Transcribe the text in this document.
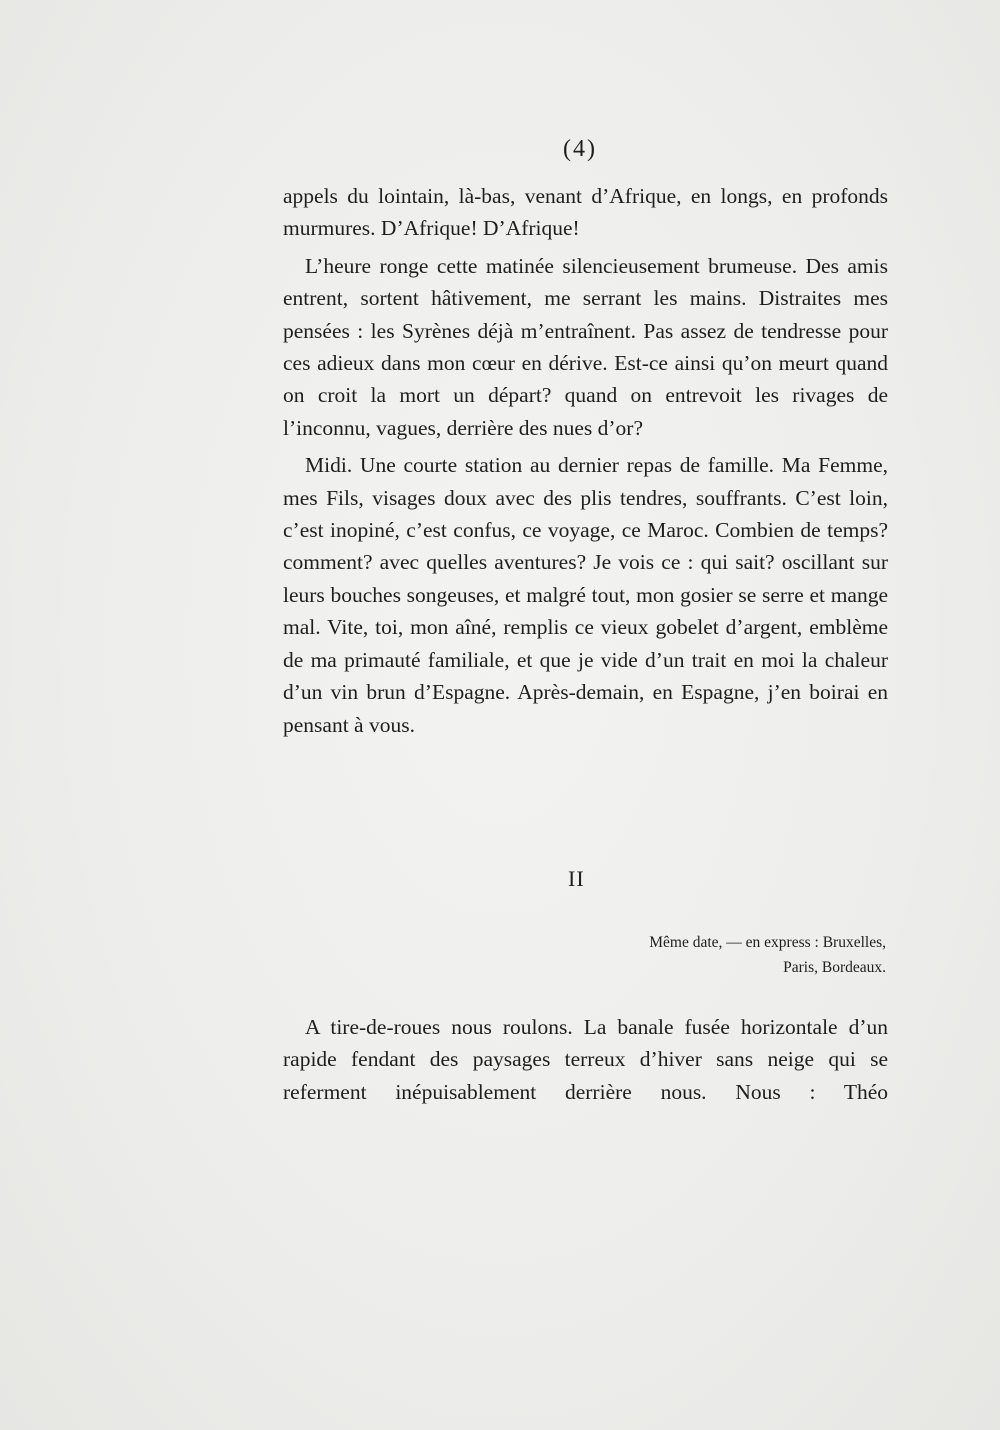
(4)

appels du lointain, là-bas, venant d’Afrique, en longs, en profonds murmures. D’Afrique! D’Afrique!

L’heure ronge cette matinée silencieusement brumeuse. Des amis entrent, sortent hâtivement, me serrant les mains. Distraites mes pensées : les Syrènes déjà m’entraînent. Pas assez de tendresse pour ces adieux dans mon cœur en dérive. Est-ce ainsi qu’on meurt quand on croit la mort un départ? quand on entrevoit les rivages de l’inconnu, vagues, derrière des nues d’or?

Midi. Une courte station au dernier repas de famille. Ma Femme, mes Fils, visages doux avec des plis tendres, souffrants. C’est loin, c’est inopiné, c’est confus, ce voyage, ce Maroc. Combien de temps? comment? avec quelles aventures? Je vois ce : qui sait? oscillant sur leurs bouches songeuses, et malgré tout, mon gosier se serre et mange mal. Vite, toi, mon aîné, remplis ce vieux gobelet d’argent, emblème de ma primauté familiale, et que je vide d’un trait en moi la chaleur d’un vin brun d’Espagne. Après-demain, en Espagne, j’en boirai en pensant à vous.

II
Même date, — en express : Bruxelles,
Paris, Bordeaux.

A tire-de-roues nous roulons. La banale fusée horizontale d’un rapide fendant des paysages terreux d’hiver sans neige qui se referment inépuisablement derrière nous. Nous : Théo
